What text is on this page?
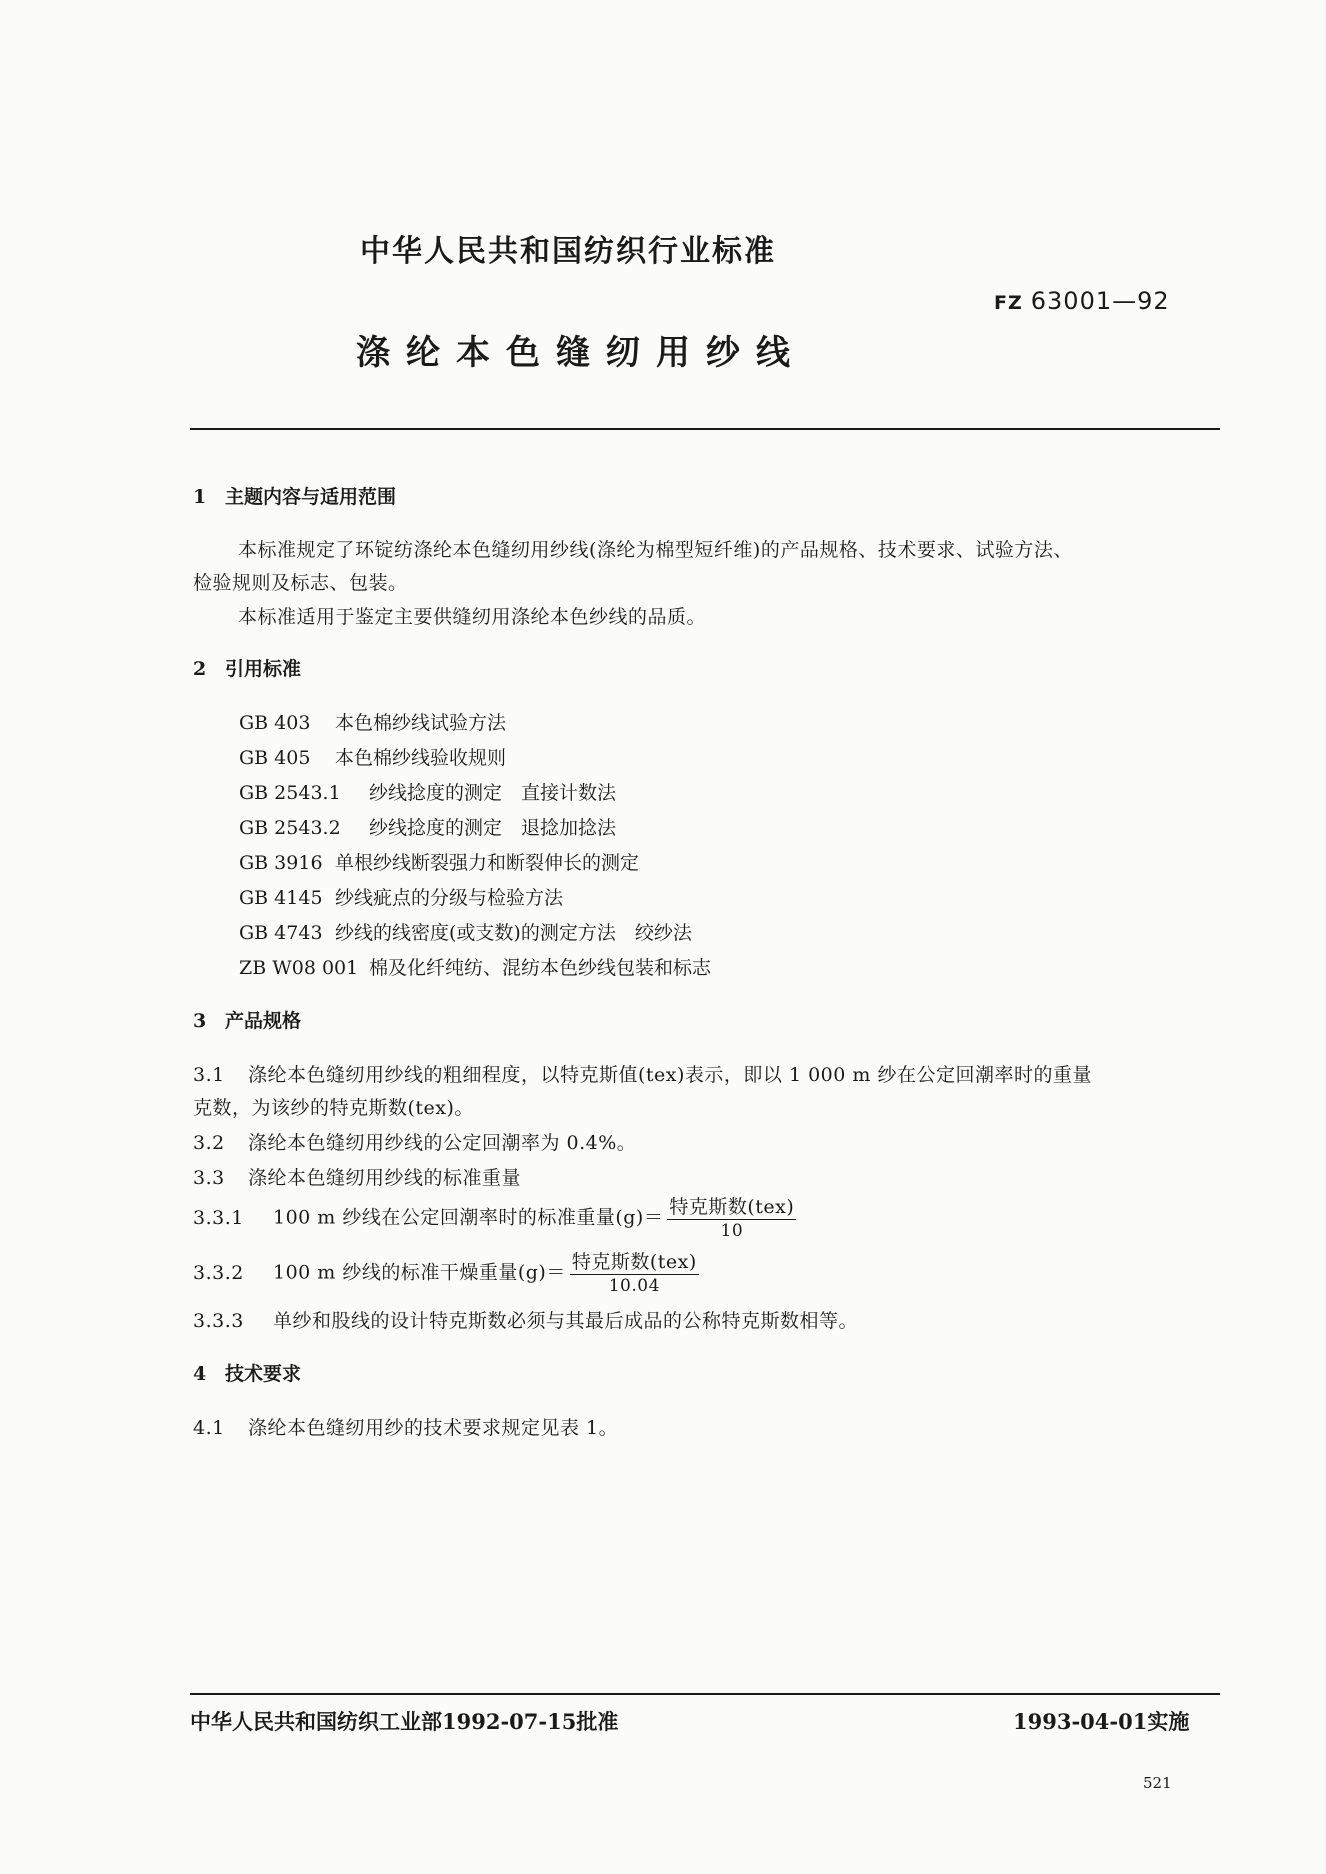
中华人民共和国纺织行业标准
FZ 63001—92
涤纶本色缝纫用纱线
1 主题内容与适用范围
本标准规定了环锭纺涤纶本色缝纫用纱线(涤纶为棉型短纤维)的产品规格、技术要求、试验方法、
检验规则及标志、包装。
本标准适用于鉴定主要供缝纫用涤纶本色纱线的品质。
2 引用标准
GB 403 本色棉纱线试验方法
GB 405 本色棉纱线验收规则
GB 2543.1 纱线捻度的测定　直接计数法
GB 2543.2 纱线捻度的测定　退捻加捻法
GB 3916 单根纱线断裂强力和断裂伸长的测定
GB 4145 纱线疵点的分级与检验方法
GB 4743 纱线的线密度(或支数)的测定方法　绞纱法
ZB W08 001 棉及化纤纯纺、混纺本色纱线包装和标志
3 产品规格
3.1 涤纶本色缝纫用纱线的粗细程度，以特克斯值(tex)表示，即以 1 000 m 纱在公定回潮率时的重量
克数，为该纱的特克斯数(tex)。
3.2 涤纶本色缝纫用纱线的公定回潮率为 0.4%。
3.3 涤纶本色缝纫用纱线的标准重量
3.3.1 100 m 纱线在公定回潮率时的标准重量$(g)= \frac{\text{特克斯数(tex)}}{10}$
3.3.2 100 m 纱线的标准干燥重量$(g)= \frac{\text{特克斯数(tex)}}{10.04}$
3.3.3 单纱和股线的设计特克斯数必须与其最后成品的公称特克斯数相等。
4 技术要求
4.1 涤纶本色缝纫用纱的技术要求规定见表 1。
中华人民共和国纺织工业部1992-07-15批准	1993-04-01实施
521
